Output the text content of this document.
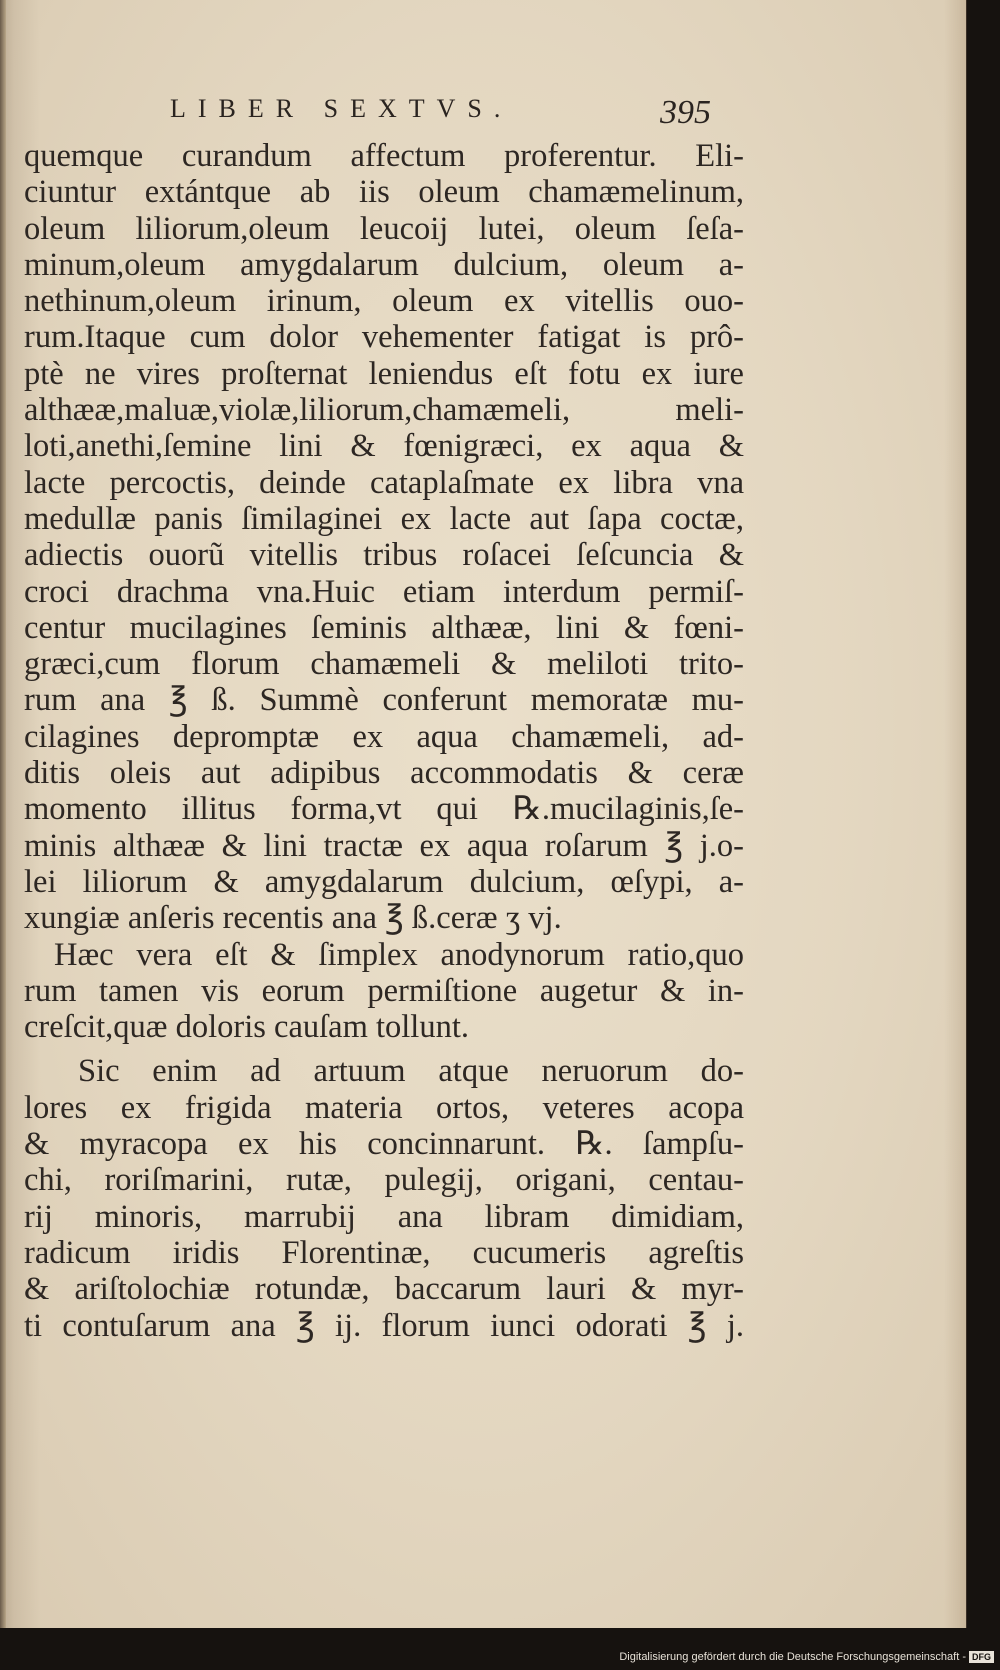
LIBER SEXTVS.	395
quemque curandum affectum proferentur. Eli-
ciuntur extántque ab iis oleum chamæmelinum,
oleum liliorum,oleum leucoij lutei, oleum ſeſa-
minum,oleum amygdalarum dulcium, oleum a-
nethinum,oleum irinum, oleum ex vitellis ouo-
rum.Itaque cum dolor vehementer fatigat is prô-
ptè ne vires proſternat leniendus eſt fotu ex iure
althææ,maluæ,violæ,liliorum,chamæmeli, meli-
loti,anethi,ſemine lini & fœnigræci, ex aqua &
lacte percoctis, deinde cataplaſmate ex libra vna
medullæ panis ſimilaginei ex lacte aut ſapa coctæ,
adiectis ouorũ vitellis tribus roſacei ſeſcuncia &
croci drachma vna.Huic etiam interdum permiſ-
centur mucilagines ſeminis althææ, lini & fœni-
græci,cum florum chamæmeli & meliloti trito-
rum ana ℥ ß. Summè conferunt memoratæ mu-
cilagines depromptæ ex aqua chamæmeli, ad-
ditis oleis aut adipibus accommodatis & ceræ
momento illitus forma,vt qui ℞.mucilaginis,ſe-
minis althææ & lini tractæ ex aqua roſarum ℥ j.o-
lei liliorum & amygdalarum dulcium, œſypi, a-
xungiæ anſeris recentis ana ℥ ß.ceræ ʒ vj.
Hæc vera eſt & ſimplex anodynorum ratio,quo
rum tamen vis eorum permiſtione augetur & in-
creſcit,quæ doloris cauſam tollunt.
Sic enim ad artuum atque neruorum do-
lores ex frigida materia ortos, veteres acopa
& myracopa ex his concinnarunt. ℞. ſampſu-
chi, roriſmarini, rutæ, pulegij, origani, centau-
rij minoris, marrubij ana libram dimidiam,
radicum iridis Florentinæ, cucumeris agreſtis
& ariſtolochiæ rotundæ, baccarum lauri & myr-
ti contuſarum ana ℥ ij. florum iunci odorati ℥ j.
Digitalisierung gefördert durch die Deutsche Forschungsgemeinschaft - DFG
